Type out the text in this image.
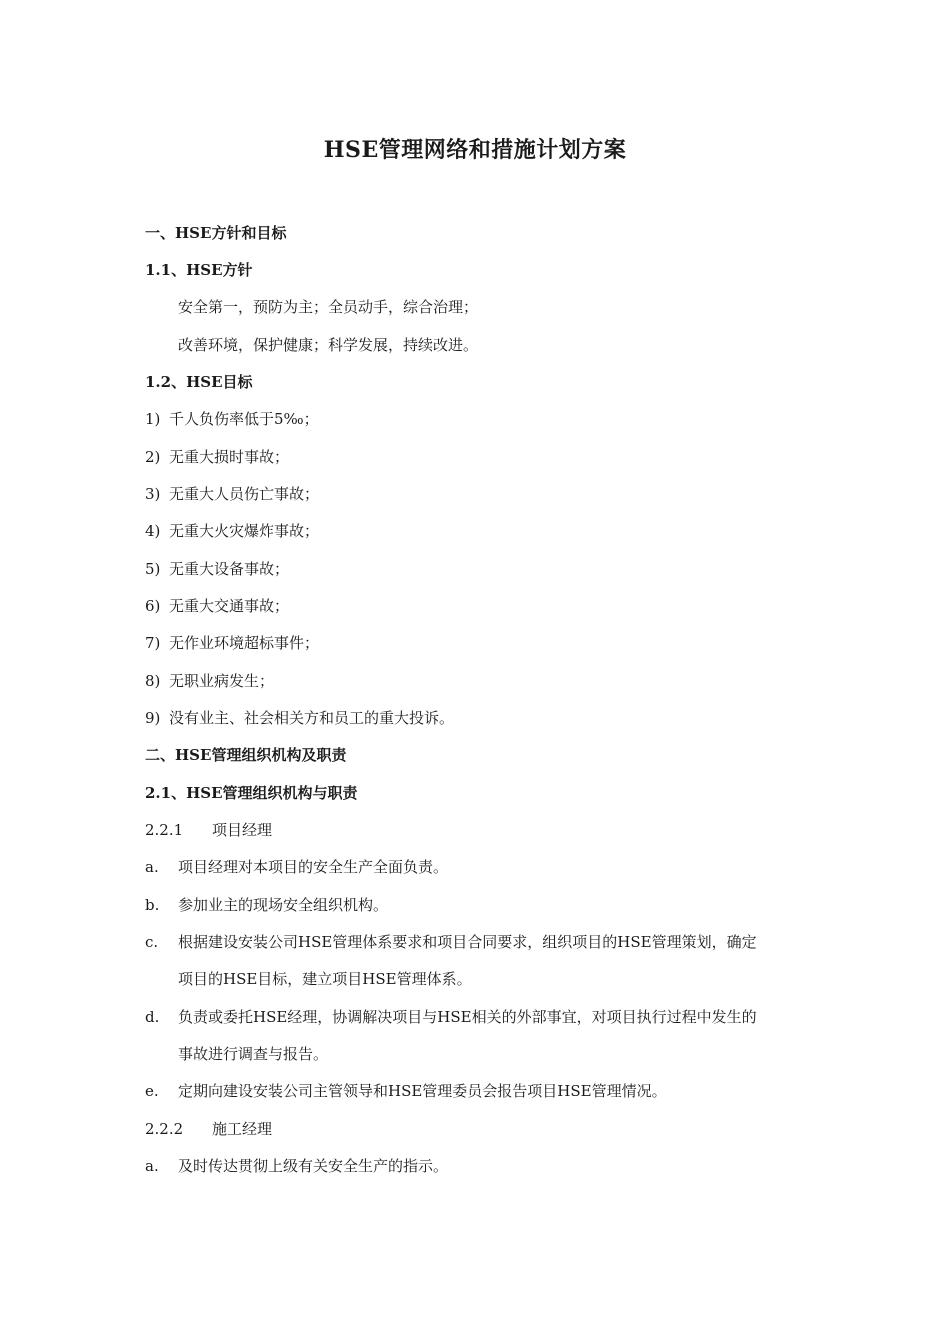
HSE管理网络和措施计划方案
一、HSE方针和目标
1.1、HSE方针
安全第一，预防为主；全员动手，综合治理；
改善环境，保护健康；科学发展，持续改进。
1.2、HSE目标
1) 千人负伤率低于5‰；
2) 无重大损时事故；
3) 无重大人员伤亡事故；
4) 无重大火灾爆炸事故；
5) 无重大设备事故；
6) 无重大交通事故；
7) 无作业环境超标事件；
8) 无职业病发生；
9) 没有业主、社会相关方和员工的重大投诉。
二、HSE管理组织机构及职责
2.1、HSE管理组织机构与职责
2.2.1 项目经理
a. 项目经理对本项目的安全生产全面负责。
b. 参加业主的现场安全组织机构。
c. 根据建设安装公司HSE管理体系要求和项目合同要求，组织项目的HSE管理策划，确定
项目的HSE目标，建立项目HSE管理体系。
d. 负责或委托HSE经理，协调解决项目与HSE相关的外部事宜，对项目执行过程中发生的
事故进行调查与报告。
e. 定期向建设安装公司主管领导和HSE管理委员会报告项目HSE管理情况。
2.2.2 施工经理
a. 及时传达贯彻上级有关安全生产的指示。
